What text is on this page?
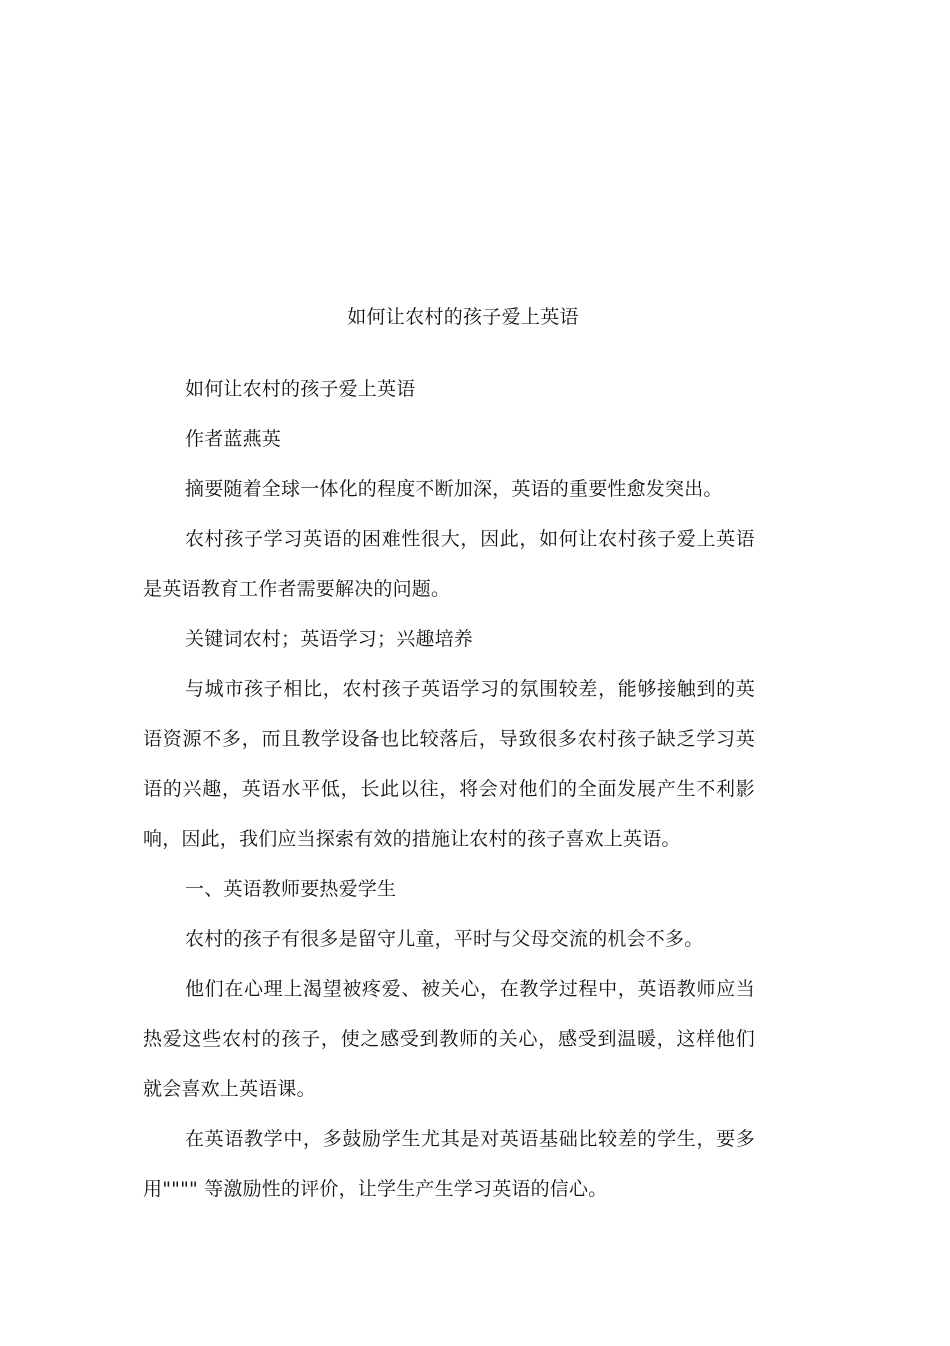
如何让农村的孩子爱上英语

如何让农村的孩子爱上英语

作者蓝燕英

摘要随着全球一体化的程度不断加深，英语的重要性愈发突出。

农村孩子学习英语的困难性很大，因此，如何让农村孩子爱上英语是英语教育工作者需要解决的问题。

关键词农村；英语学习；兴趣培养

与城市孩子相比，农村孩子英语学习的氛围较差，能够接触到的英语资源不多，而且教学设备也比较落后，导致很多农村孩子缺乏学习英语的兴趣，英语水平低，长此以往，将会对他们的全面发展产生不利影响，因此，我们应当探索有效的措施让农村的孩子喜欢上英语。

一、英语教师要热爱学生

农村的孩子有很多是留守儿童，平时与父母交流的机会不多。

他们在心理上渴望被疼爱、被关心，在教学过程中，英语教师应当热爱这些农村的孩子，使之感受到教师的关心，感受到温暖，这样他们就会喜欢上英语课。

在英语教学中，多鼓励学生尤其是对英语基础比较差的学生，要多用"""" 等激励性的评价，让学生产生学习英语的信心。
